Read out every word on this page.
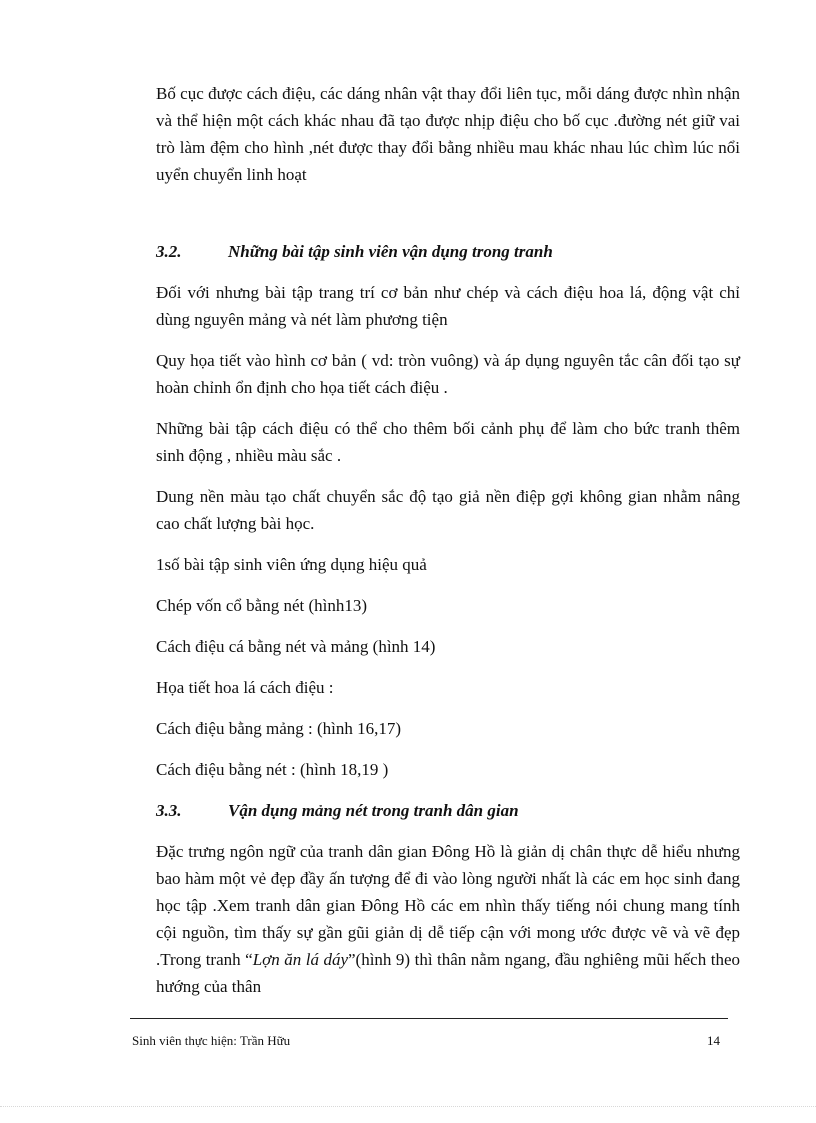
Bố cục được cách điệu, các dáng nhân vật thay đổi liên tục, mỗi dáng được nhìn nhận và thể hiện một cách khác nhau đã tạo được nhịp điệu cho bố cục .đường nét giữ vai trò làm đệm cho hình ,nét được thay đổi bằng nhiều mau khác nhau lúc chìm lúc nổi uyển chuyển linh hoạt

3.2.	Những bài tập sinh viên vận dụng trong tranh

Đối với nhưng bài tập trang trí cơ bản như chép và cách điệu hoa lá, động vật chỉ dùng nguyên mảng và nét làm phương tiện

Quy họa tiết vào hình cơ bản ( vd: tròn vuông) và áp dụng nguyên tắc cân đối tạo sự hoàn chỉnh ổn định cho họa tiết cách điệu .

Những bài tập cách điệu có thể cho thêm bối cảnh phụ để làm cho bức tranh thêm sinh động , nhiều màu sắc .

Dung nền màu tạo chất chuyển sắc độ tạo giả nền điệp gợi không gian nhằm nâng cao chất lượng bài học.

1số bài tập sinh viên ứng dụng hiệu quả

Chép vốn cổ bằng nét (hình13)

Cách điệu cá bằng nét và mảng (hình 14)

Họa tiết hoa lá cách điệu :

Cách điệu bằng mảng : (hình 16,17)

Cách điệu bằng nét : (hình 18,19 )

3.3.	Vận dụng mảng nét trong tranh dân gian

Đặc trưng ngôn ngữ của tranh dân gian Đông Hồ là giản dị chân thực dễ hiểu nhưng bao hàm một vẻ đẹp đầy ấn tượng để đi vào lòng người nhất là các em học sinh đang học tập .Xem tranh dân gian Đông Hồ các em nhìn thấy tiếng nói chung mang tính cội nguồn, tìm thấy sự gần gũi giản dị dễ tiếp cận với mong ước được vẽ và vẽ đẹp .Trong tranh “Lợn ăn lá dáy”(hình 9) thì thân nằm ngang, đầu nghiêng mũi hếch theo hướng của thân

Sinh viên thực hiện: Trần Hữu	14
